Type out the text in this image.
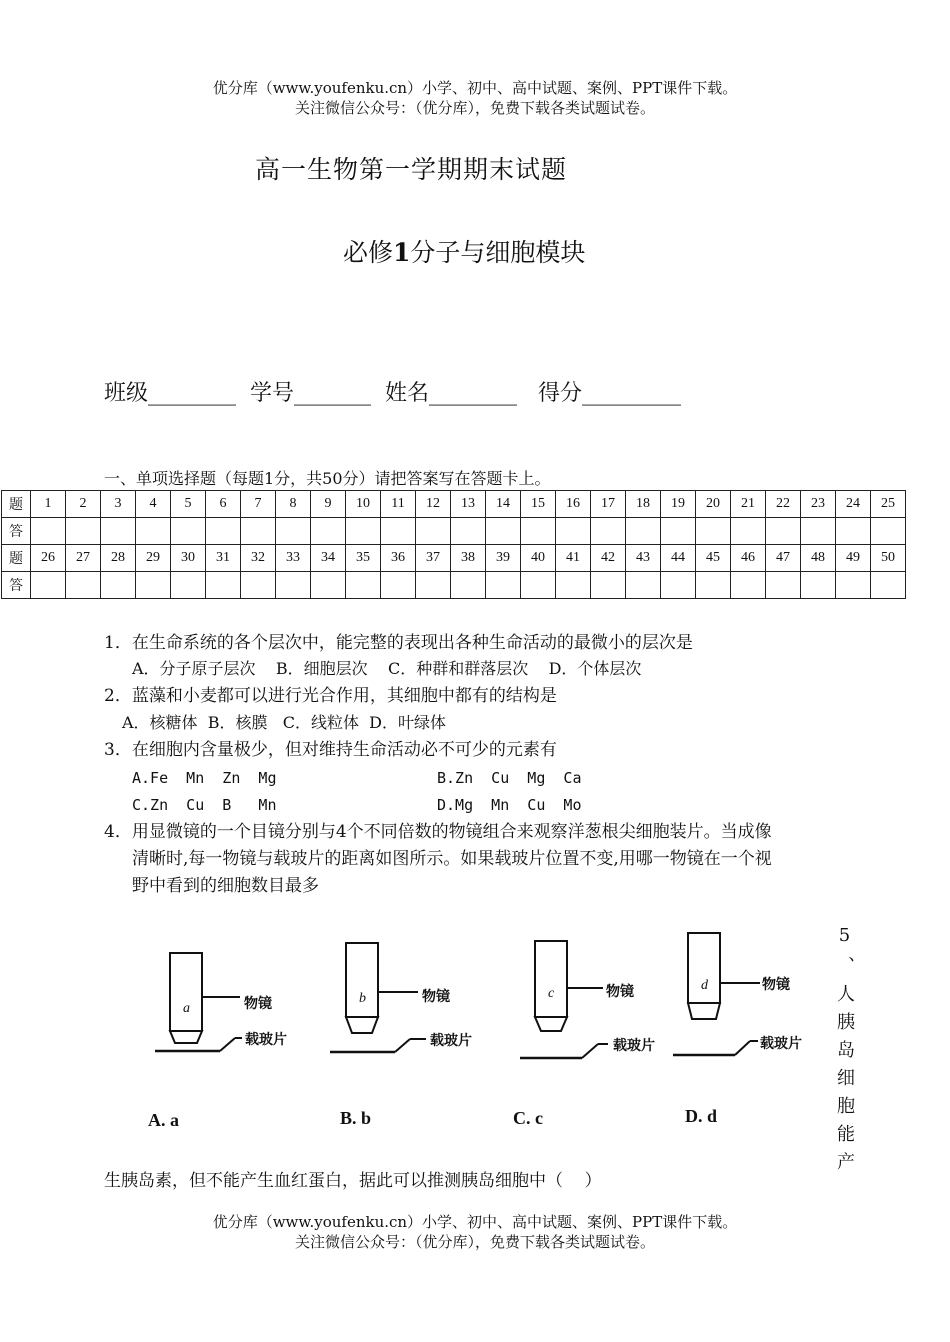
优分库（www.youfenku.cn）小学、初中、高中试题、案例、PPT课件下载。
关注微信公众号：（优分库），免费下载各类试题试卷。
高一生物第一学期期末试题
必修1分子与细胞模块
班级________  学号_______  姓名________   得分_________
一、单项选择题（每题1分，共50分）请把答案写在答题卡上。
题	1	2	3	4	5	6	7	8	9	10	11	12	13	14	15	16	17	18	19	20	21	22	23	24	25
答																									
题	26	27	28	29	30	31	32	33	34	35	36	37	38	39	40	41	42	43	44	45	46	47	48	49	50
答																									
1．在生命系统的各个层次中，能完整的表现出各种生命活动的最微小的层次是
A．分子原子层次    B．细胞层次    C．种群和群落层次    D．个体层次
2．蓝藻和小麦都可以进行光合作用，其细胞中都有的结构是
A．核糖体  B．核膜   C．线粒体  D．叶绿体
3．在细胞内含量极少，但对维持生命活动必不可少的元素有
A.Fe  Mn  Zn  Mg	B.Zn  Cu  Mg  Ca
C.Zn  Cu  B   Mn	D.Mg  Mn  Cu  Mo
4．用显微镜的一个目镜分别与4个不同倍数的物镜组合来观察洋葱根尖细胞装片。当成像
清晰时,每一物镜与载玻片的距离如图所示。如果载玻片位置不变,用哪一物镜在一个视
野中看到的细胞数目最多
5、人胰岛细胞能产
a
b	c
d
物镜	物镜	物镜	物镜
载玻片	载玻片	载玻片	载玻片
A. a	B. b	C. c	D. d
生胰岛素，但不能产生血红蛋白，据此可以推测胰岛细胞中（    ）
优分库（www.youfenku.cn）小学、初中、高中试题、案例、PPT课件下载。
关注微信公众号：（优分库），免费下载各类试题试卷。
